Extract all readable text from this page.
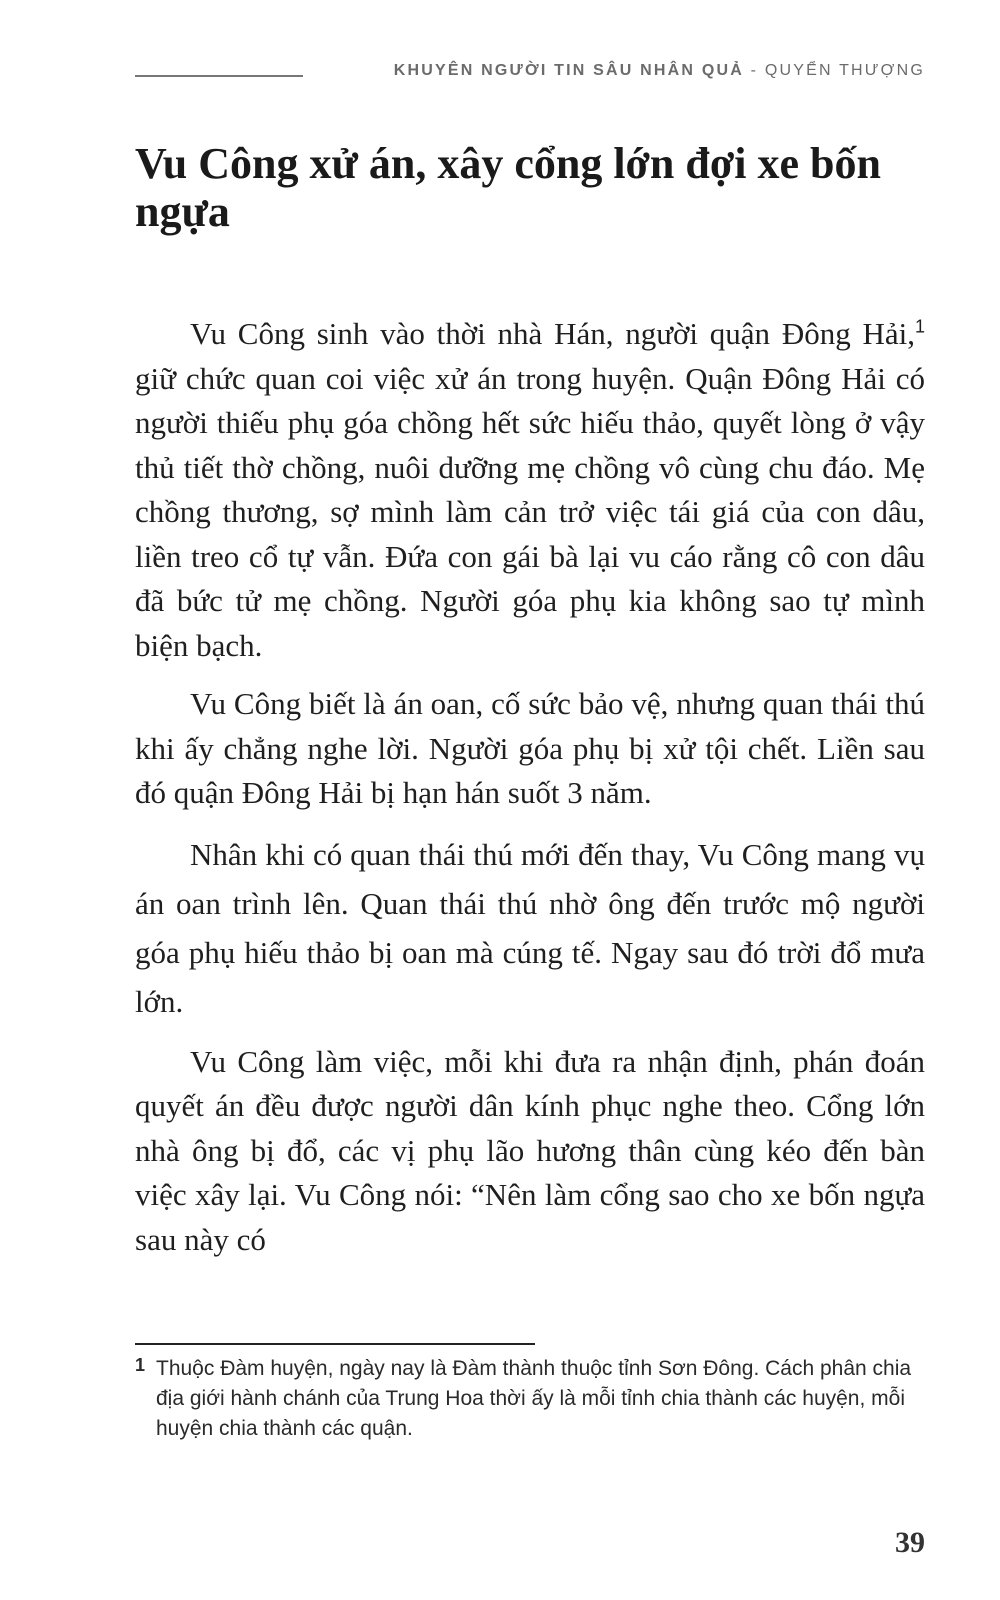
KHUYÊN NGƯỜI TIN SÂU NHÂN QUẢ - QUYỂN THƯỢNG
Vu Công xử án, xây cổng lớn đợi xe bốn ngựa

Vu Công sinh vào thời nhà Hán, người quận Đông Hải,$^1$ giữ chức quan coi việc xử án trong huyện. Quận Đông Hải có người thiếu phụ góa chồng hết sức hiếu thảo, quyết lòng ở vậy thủ tiết thờ chồng, nuôi dưỡng mẹ chồng vô cùng chu đáo. Mẹ chồng thương, sợ mình làm cản trở việc tái giá của con dâu, liền treo cổ tự vẫn. Đứa con gái bà lại vu cáo rằng cô con dâu đã bức tử mẹ chồng. Người góa phụ kia không sao tự mình biện bạch.

Vu Công biết là án oan, cố sức bảo vệ, nhưng quan thái thú khi ấy chẳng nghe lời. Người góa phụ bị xử tội chết. Liền sau đó quận Đông Hải bị hạn hán suốt 3 năm.

Nhân khi có quan thái thú mới đến thay, Vu Công mang vụ án oan trình lên. Quan thái thú nhờ ông đến trước mộ người góa phụ hiếu thảo bị oan mà cúng tế. Ngay sau đó trời đổ mưa lớn.

Vu Công làm việc, mỗi khi đưa ra nhận định, phán đoán quyết án đều được người dân kính phục nghe theo. Cổng lớn nhà ông bị đổ, các vị phụ lão hương thân cùng kéo đến bàn việc xây lại. Vu Công nói: “Nên làm cổng sao cho xe bốn ngựa sau này có

1 Thuộc Đàm huyện, ngày nay là Đàm thành thuộc tỉnh Sơn Đông. Cách phân chia địa giới hành chánh của Trung Hoa thời ấy là mỗi tỉnh chia thành các huyện, mỗi huyện chia thành các quận.
39
